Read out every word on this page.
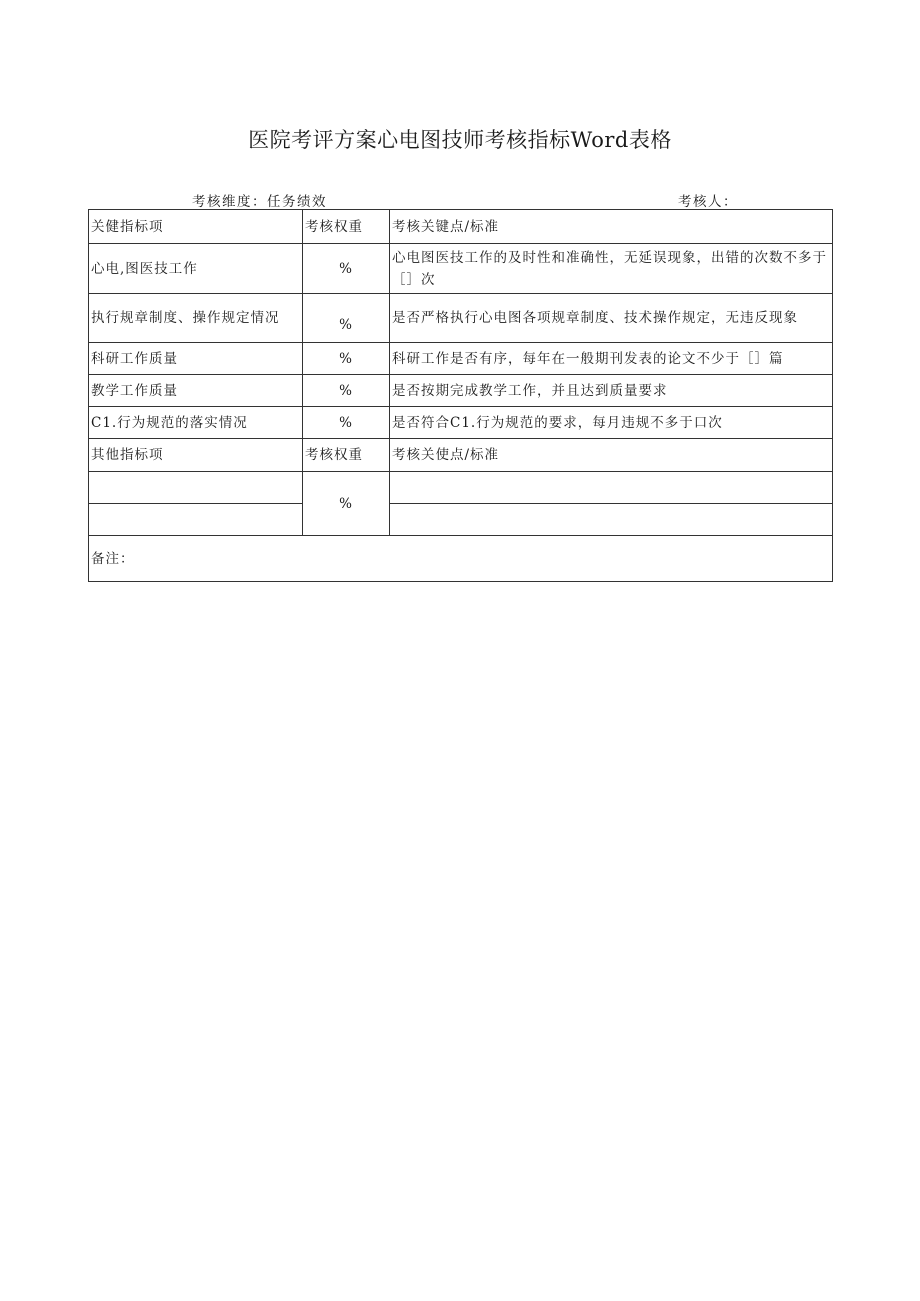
医院考评方案心电图技师考核指标Word表格
考核维度：任务绩效	考核人：
关健指标项	考核权重	考核关键点/标准
心电,图医技工作	%	心电图医技工作的及时性和准确性，无延误现象，出错的次数不多于［］次
执行规章制度、操作规定情况	%	是否严格执行心电图各项规章制度、技术操作规定，无违反现象
科研工作质量	%	科研工作是否有序，每年在一般期刊发表的论文不少于［］篇
教学工作质量	%	是否按期完成教学工作，并且达到质量要求
C1.行为规范的落实情况	%	是否符合C1.行为规范的要求，每月违规不多于口次
其他指标项	考核权重	考核关使点/标准
	%	

备注：		
